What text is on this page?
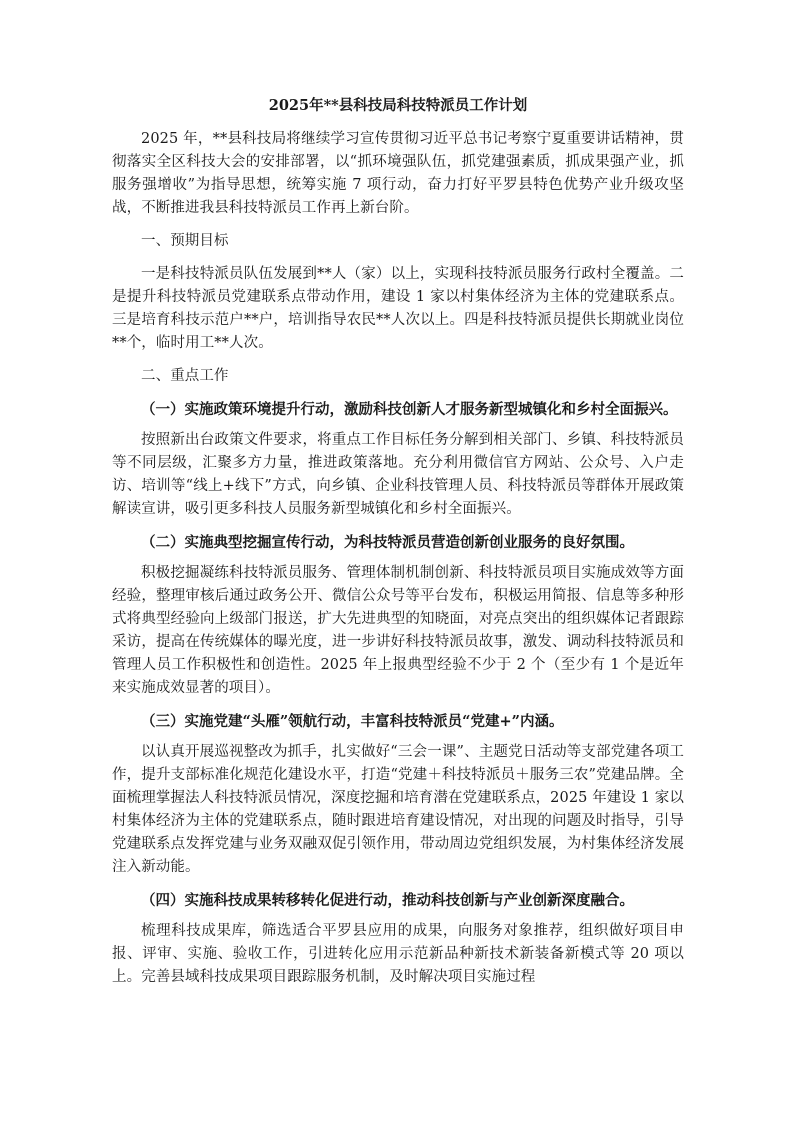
2025年**县科技局科技特派员工作计划

2025 年，**县科技局将继续学习宣传贯彻习近平总书记考察宁夏重要讲话精神，贯彻落实全区科技大会的安排部署，以“抓环境强队伍，抓党建强素质，抓成果强产业，抓服务强增收”为指导思想，统筹实施 7 项行动，奋力打好平罗县特色优势产业升级攻坚战，不断推进我县科技特派员工作再上新台阶。

一、预期目标

一是科技特派员队伍发展到**人（家）以上，实现科技特派员服务行政村全覆盖。二是提升科技特派员党建联系点带动作用，建设 1 家以村集体经济为主体的党建联系点。三是培育科技示范户**户，培训指导农民**人次以上。四是科技特派员提供长期就业岗位**个，临时用工**人次。

二、重点工作

（一）实施政策环境提升行动，激励科技创新人才服务新型城镇化和乡村全面振兴。

按照新出台政策文件要求，将重点工作目标任务分解到相关部门、乡镇、科技特派员等不同层级，汇聚多方力量，推进政策落地。充分利用微信官方网站、公众号、入户走访、培训等“线上+线下”方式，向乡镇、企业科技管理人员、科技特派员等群体开展政策解读宣讲，吸引更多科技人员服务新型城镇化和乡村全面振兴。

（二）实施典型挖掘宣传行动，为科技特派员营造创新创业服务的良好氛围。

积极挖掘凝练科技特派员服务、管理体制机制创新、科技特派员项目实施成效等方面经验，整理审核后通过政务公开、微信公众号等平台发布，积极运用简报、信息等多种形式将典型经验向上级部门报送，扩大先进典型的知晓面，对亮点突出的组织媒体记者跟踪采访，提高在传统媒体的曝光度，进一步讲好科技特派员故事，激发、调动科技特派员和管理人员工作积极性和创造性。2025 年上报典型经验不少于 2 个（至少有 1 个是近年来实施成效显著的项目）。

（三）实施党建“头雁”领航行动，丰富科技特派员“党建+”内涵。

以认真开展巡视整改为抓手，扎实做好“三会一课”、主题党日活动等支部党建各项工作，提升支部标准化规范化建设水平，打造“党建＋科技特派员＋服务三农”党建品牌。全面梳理掌握法人科技特派员情况，深度挖掘和培育潜在党建联系点，2025 年建设 1 家以村集体经济为主体的党建联系点，随时跟进培育建设情况，对出现的问题及时指导，引导党建联系点发挥党建与业务双融双促引领作用，带动周边党组织发展，为村集体经济发展注入新动能。

（四）实施科技成果转移转化促进行动，推动科技创新与产业创新深度融合。

梳理科技成果库，筛选适合平罗县应用的成果，向服务对象推荐，组织做好项目申报、评审、实施、验收工作，引进转化应用示范新品种新技术新装备新模式等 20 项以上。完善县域科技成果项目跟踪服务机制，及时解决项目实施过程
